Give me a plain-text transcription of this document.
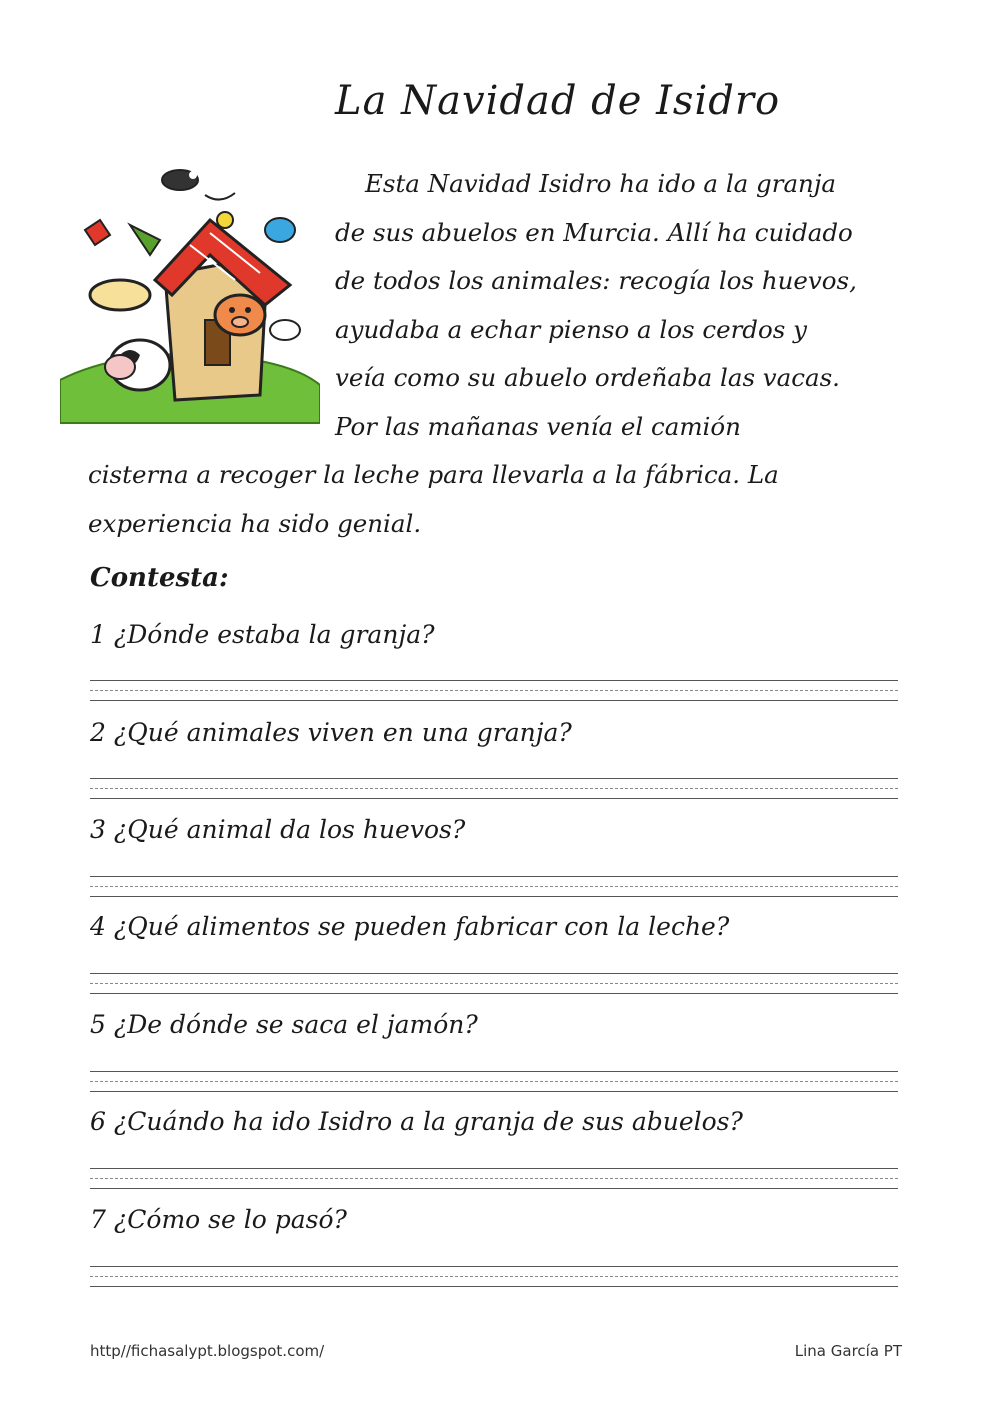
La Navidad de Isidro
Esta Navidad Isidro ha ido a la granja
de sus abuelos en Murcia. Allí ha cuidado
de todos los animales: recogía los huevos,
ayudaba a echar pienso a los cerdos y
veía como su abuelo ordeñaba las vacas.
Por las mañanas venía el camión
cisterna a recoger la leche para llevarla a la fábrica. La
experiencia ha sido genial.
Contesta:
1 ¿Dónde estaba la granja?
2 ¿Qué animales viven en una granja?
3 ¿Qué animal da los huevos?
4 ¿Qué alimentos se pueden fabricar con la leche?
5 ¿De dónde se saca el jamón?
6 ¿Cuándo ha ido Isidro a la granja de sus abuelos?
7 ¿Cómo se lo pasó?
http//fichasalypt.blogspot.com/	Lina García PT
